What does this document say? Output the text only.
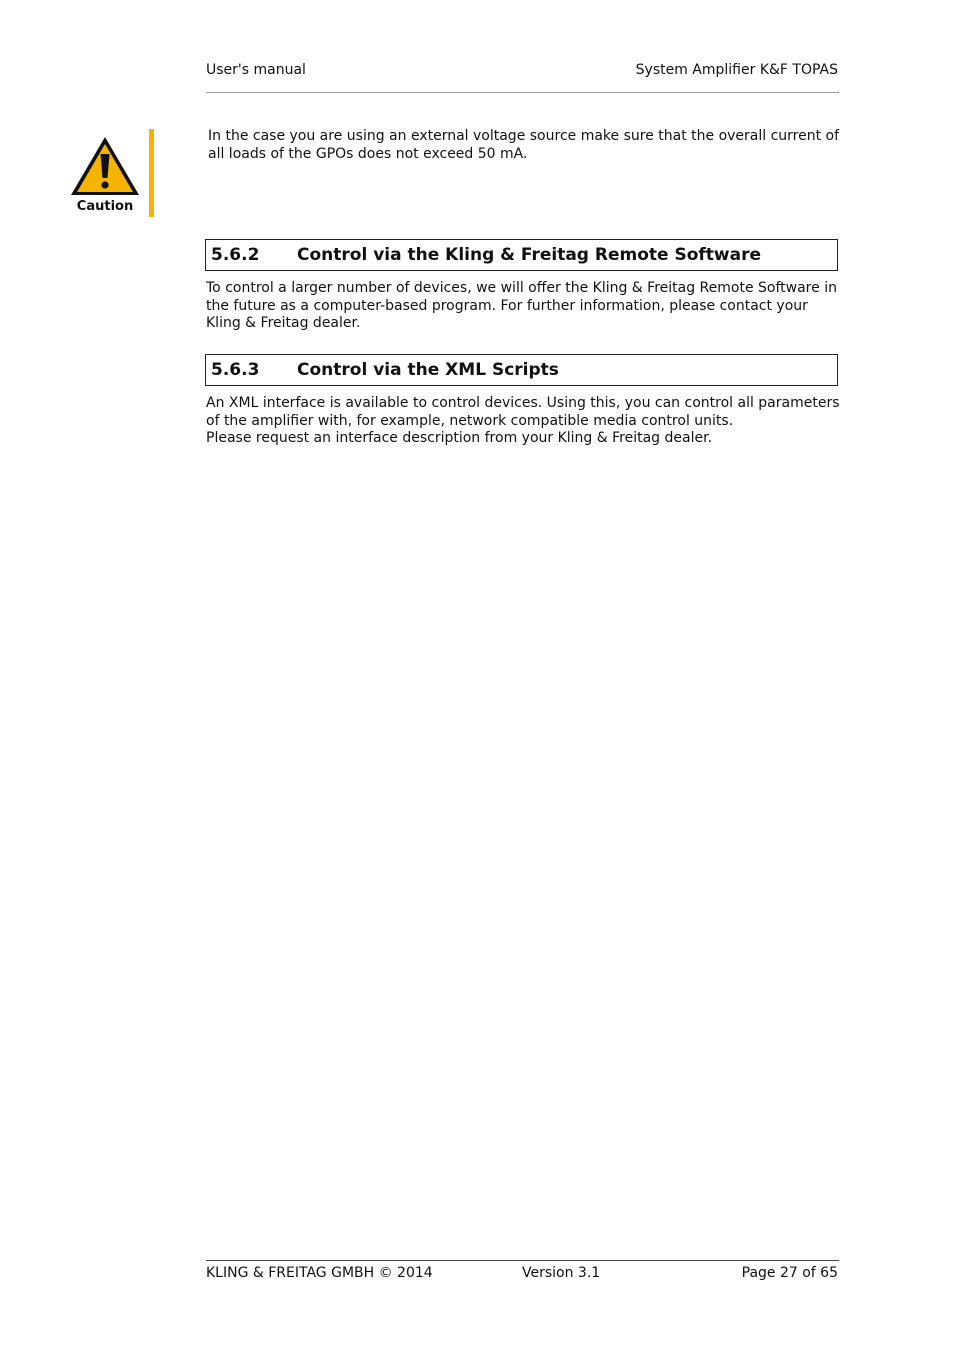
User's manual	System Amplifier K&F TOPAS
Caution

In the case you are using an external voltage source make sure that the overall current of all loads of the GPOs does not exceed 50 mA.

5.6.2 Control via the Kling & Freitag Remote Software

To control a larger number of devices, we will offer the Kling & Freitag Remote Software in the future as a computer-based program. For further information, please contact your Kling & Freitag dealer.

5.6.3 Control via the XML Scripts

An XML interface is available to control devices. Using this, you can control all parameters of the amplifier with, for example, network compatible media control units.

Please request an interface description from your Kling & Freitag dealer.

KLING & FREITAG GMBH © 2014	Version 3.1	Page 27 of 65
